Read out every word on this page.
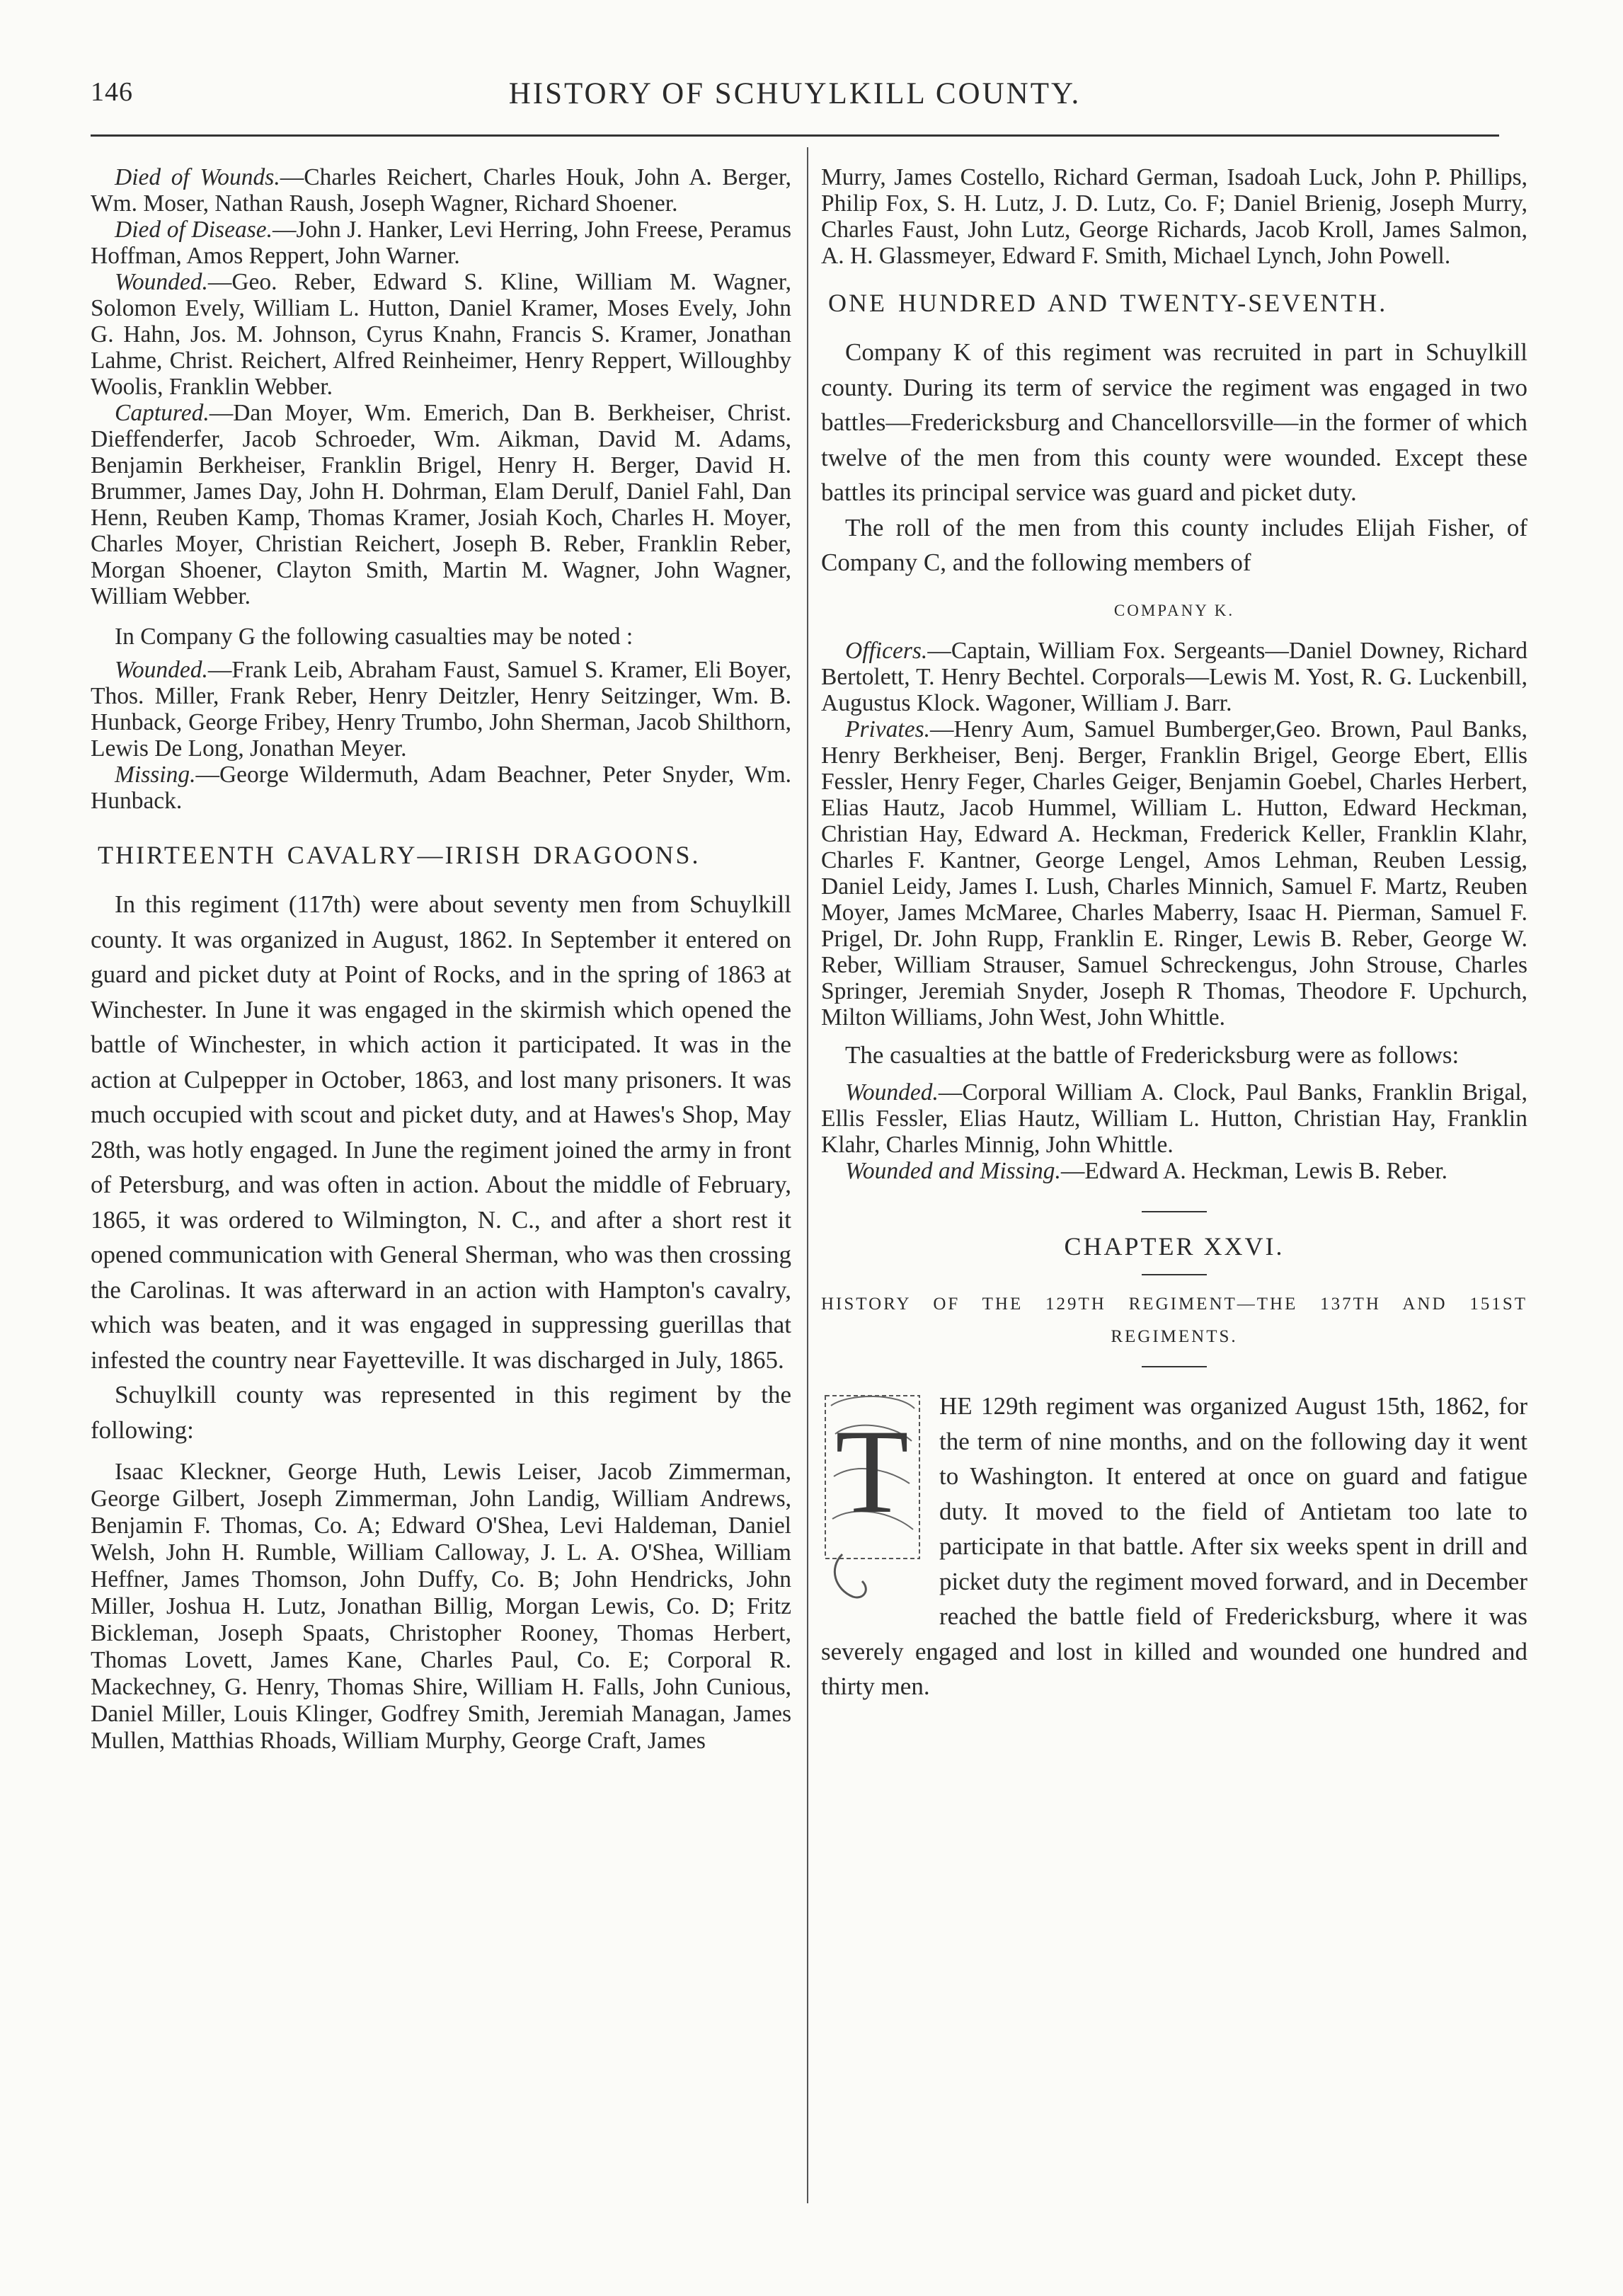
146	HISTORY OF SCHUYLKILL COUNTY.

Died of Wounds.—Charles Reichert, Charles Houk, John A. Berger, Wm. Moser, Nathan Raush, Joseph Wagner, Richard Shoener.

Died of Disease.—John J. Hanker, Levi Herring, John Freese, Peramus Hoffman, Amos Reppert, John Warner.

Wounded.—Geo. Reber, Edward S. Kline, William M. Wagner, Solomon Evely, William L. Hutton, Daniel Kramer, Moses Evely, John G. Hahn, Jos. M. Johnson, Cyrus Knahn, Francis S. Kramer, Jonathan Lahme, Christ. Reichert, Alfred Reinheimer, Henry Reppert, Willoughby Woolis, Franklin Webber.

Captured.—Dan Moyer, Wm. Emerich, Dan B. Berkheiser, Christ. Dieffenderfer, Jacob Schroeder, Wm. Aikman, David M. Adams, Benjamin Berkheiser, Franklin Brigel, Henry H. Berger, David H. Brummer, James Day, John H. Dohrman, Elam Derulf, Daniel Fahl, Dan Henn, Reuben Kamp, Thomas Kramer, Josiah Koch, Charles H. Moyer, Charles Moyer, Christian Reichert, Joseph B. Reber, Franklin Reber, Morgan Shoener, Clayton Smith, Martin M. Wagner, John Wagner, William Webber.

In Company G the following casualties may be noted :

Wounded.—Frank Leib, Abraham Faust, Samuel S. Kramer, Eli Boyer, Thos. Miller, Frank Reber, Henry Deitzler, Henry Seitzinger, Wm. B. Hunback, George Fribey, Henry Trumbo, John Sherman, Jacob Shilthorn, Lewis De Long, Jonathan Meyer.

Missing.—George Wildermuth, Adam Beachner, Peter Snyder, Wm. Hunback.

THIRTEENTH CAVALRY—IRISH DRAGOONS.

In this regiment (117th) were about seventy men from Schuylkill county. It was organized in August, 1862. In September it entered on guard and picket duty at Point of Rocks, and in the spring of 1863 at Winchester. In June it was engaged in the skirmish which opened the battle of Winchester, in which action it participated. It was in the action at Culpepper in October, 1863, and lost many prisoners. It was much occupied with scout and picket duty, and at Hawes's Shop, May 28th, was hotly engaged. In June the regiment joined the army in front of Petersburg, and was often in action. About the middle of February, 1865, it was ordered to Wilmington, N. C., and after a short rest it opened communication with General Sherman, who was then crossing the Carolinas. It was afterward in an action with Hampton's cavalry, which was beaten, and it was engaged in suppressing guerillas that infested the country near Fayetteville. It was discharged in July, 1865.

Schuylkill county was represented in this regiment by the following:

Isaac Kleckner, George Huth, Lewis Leiser, Jacob Zimmerman, George Gilbert, Joseph Zimmerman, John Landig, William Andrews, Benjamin F. Thomas, Co. A; Edward O'Shea, Levi Haldeman, Daniel Welsh, John H. Rumble, William Calloway, J. L. A. O'Shea, William Heffner, James Thomson, John Duffy, Co. B; John Hendricks, John Miller, Joshua H. Lutz, Jonathan Billig, Morgan Lewis, Co. D; Fritz Bickleman, Joseph Spaats, Christopher Rooney, Thomas Herbert, Thomas Lovett, James Kane, Charles Paul, Co. E; Corporal R. Mackechney, G. Henry, Thomas Shire, William H. Falls, John Cunious, Daniel Miller, Louis Klinger, Godfrey Smith, Jeremiah Managan, James Mullen, Matthias Rhoads, William Murphy, George Craft, James

Murry, James Costello, Richard German, Isadoah Luck, John P. Phillips, Philip Fox, S. H. Lutz, J. D. Lutz, Co. F; Daniel Brienig, Joseph Murry, Charles Faust, John Lutz, George Richards, Jacob Kroll, James Salmon, A. H. Glassmeyer, Edward F. Smith, Michael Lynch, John Powell.

ONE HUNDRED AND TWENTY-SEVENTH.

Company K of this regiment was recruited in part in Schuylkill county. During its term of service the regiment was engaged in two battles—Fredericksburg and Chancellorsville—in the former of which twelve of the men from this county were wounded. Except these battles its principal service was guard and picket duty.

The roll of the men from this county includes Elijah Fisher, of Company C, and the following members of

COMPANY K.

Officers.—Captain, William Fox. Sergeants—Daniel Downey, Richard Bertolett, T. Henry Bechtel. Corporals—Lewis M. Yost, R. G. Luckenbill, Augustus Klock. Wagoner, William J. Barr.

Privates.—Henry Aum, Samuel Bumberger,Geo. Brown, Paul Banks, Henry Berkheiser, Benj. Berger, Franklin Brigel, George Ebert, Ellis Fessler, Henry Feger, Charles Geiger, Benjamin Goebel, Charles Herbert, Elias Hautz, Jacob Hummel, William L. Hutton, Edward Heckman, Christian Hay, Edward A. Heckman, Frederick Keller, Franklin Klahr, Charles F. Kantner, George Lengel, Amos Lehman, Reuben Lessig, Daniel Leidy, James I. Lush, Charles Minnich, Samuel F. Martz, Reuben Moyer, James McMaree, Charles Maberry, Isaac H. Pierman, Samuel F. Prigel, Dr. John Rupp, Franklin E. Ringer, Lewis B. Reber, George W. Reber, William Strauser, Samuel Schreckengus, John Strouse, Charles Springer, Jeremiah Snyder, Joseph R Thomas, Theodore F. Upchurch, Milton Williams, John West, John Whittle.

The casualties at the battle of Fredericksburg were as follows:

Wounded.—Corporal William A. Clock, Paul Banks, Franklin Brigal, Ellis Fessler, Elias Hautz, William L. Hutton, Christian Hay, Franklin Klahr, Charles Minnig, John Whittle.

Wounded and Missing.—Edward A. Heckman, Lewis B. Reber.

CHAPTER XXVI.
HISTORY OF THE 129TH REGIMENT—THE 137TH AND 151ST REGIMENTS.
T HE 129th regiment was organized August 15th, 1862, for the term of nine months, and on the following day it went to Washington. It entered at once on guard and fatigue duty. It moved to the field of Antietam too late to participate in that battle. After six weeks spent in drill and picket duty the regiment moved forward, and in December reached the battle field of Fredericksburg, where it was severely engaged and lost in killed and wounded one hundred and thirty men.
